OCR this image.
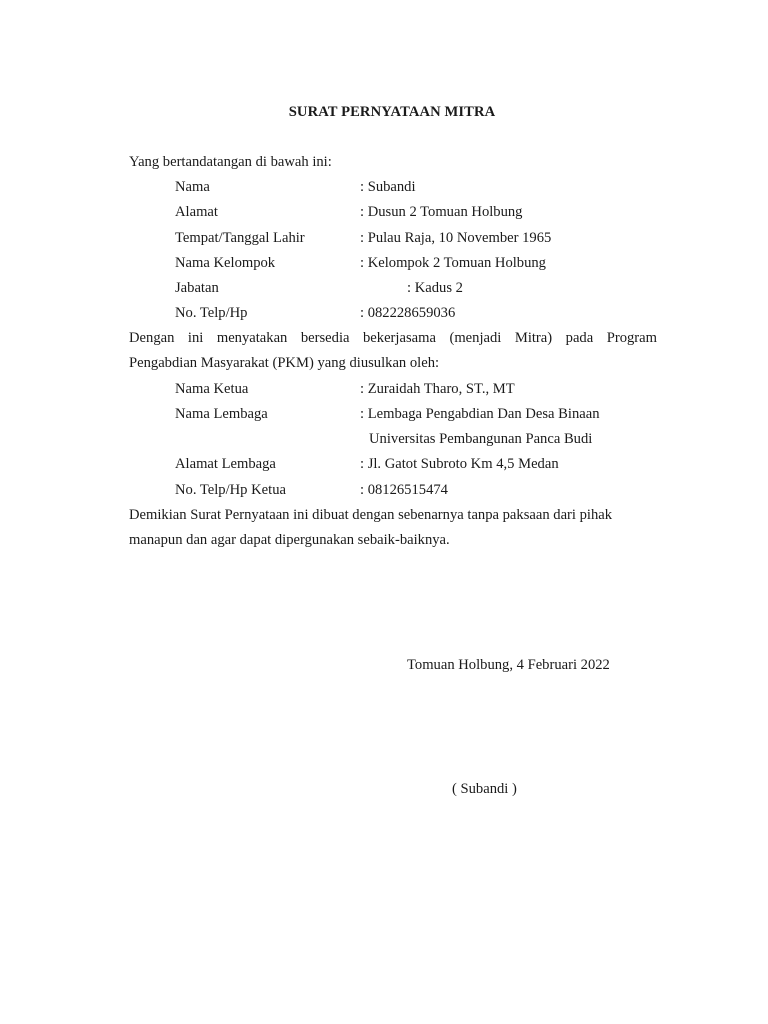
SURAT PERNYATAAN MITRA
Yang bertandatangan di bawah ini:
Nama	: Subandi
Alamat	: Dusun 2 Tomuan Holbung
Tempat/Tanggal Lahir	: Pulau Raja, 10 November 1965
Nama Kelompok	: Kelompok 2 Tomuan Holbung
Jabatan	: Kadus 2
No. Telp/Hp	: 082228659036
Dengan ini menyatakan bersedia bekerjasama (menjadi Mitra) pada Program
Pengabdian Masyarakat (PKM) yang diusulkan oleh:
Nama Ketua	: Zuraidah Tharo, ST., MT
Nama Lembaga	: Lembaga Pengabdian Dan Desa Binaan
Universitas Pembangunan Panca Budi
Alamat Lembaga	: Jl. Gatot Subroto Km 4,5 Medan
No. Telp/Hp Ketua	: 08126515474
Demikian Surat Pernyataan ini dibuat dengan sebenarnya tanpa paksaan dari pihak
manapun dan agar dapat dipergunakan sebaik-baiknya.
Tomuan Holbung, 4 Februari 2022
( Subandi )
